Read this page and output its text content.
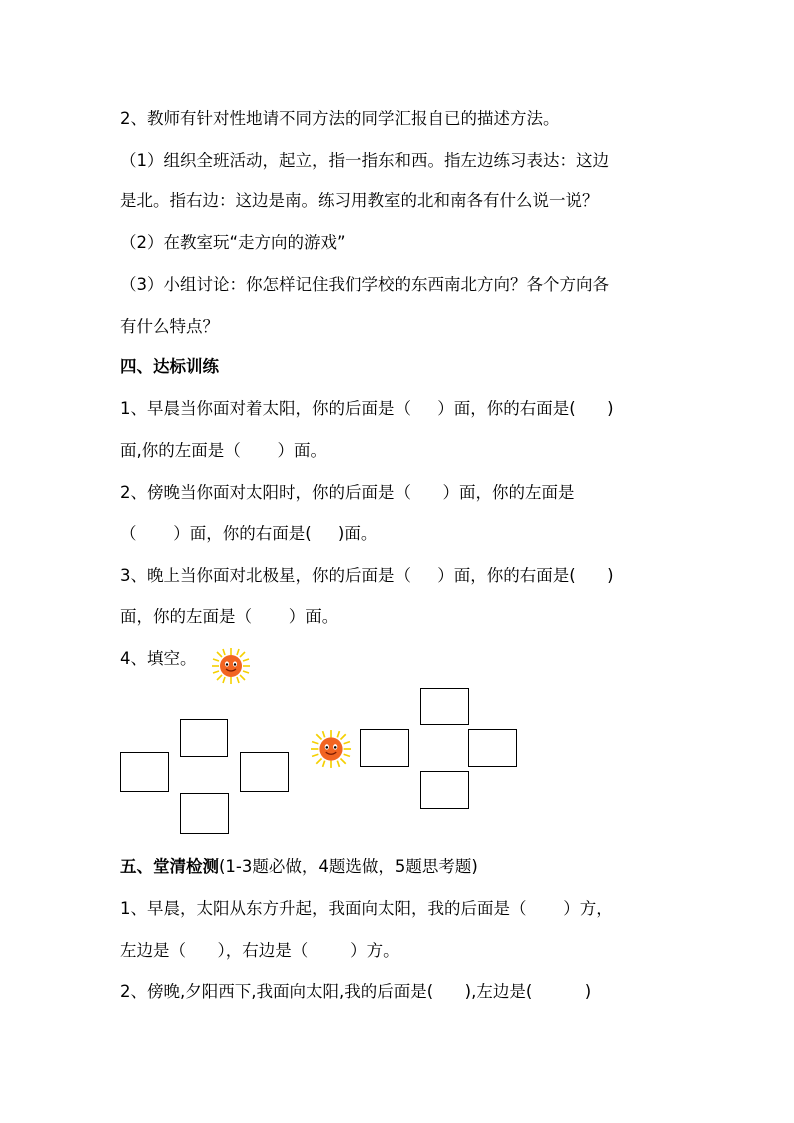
2、教师有针对性地请不同方法的同学汇报自已的描述方法。
（1）组织全班活动，起立，指一指东和西。指左边练习表达：这边
是北。指右边：这边是南。练习用教室的北和南各有什么说一说？
（2）在教室玩“走方向的游戏”
（3）小组讨论：你怎样记住我们学校的东西南北方向？各个方向各
有什么特点？
四、达标训练
1、早晨当你面对着太阳，你的后面是（     ）面，你的右面是(      )
面,你的左面是（       ）面。
2、傍晚当你面对太阳时，你的后面是（      ）面，你的左面是
（       ）面，你的右面是(     )面。
3、晚上当你面对北极星，你的后面是（     ）面，你的右面是(      )
面，你的左面是（       ）面。
4、填空。
五、堂清检测(1-3题必做，4题选做，5题思考题)
1、早晨，太阳从东方升起，我面向太阳，我的后面是（       ）方，
左边是（      ），右边是（        ）方。
2、傍晚,夕阳西下,我面向太阳,我的后面是(      ),左边是(          )
